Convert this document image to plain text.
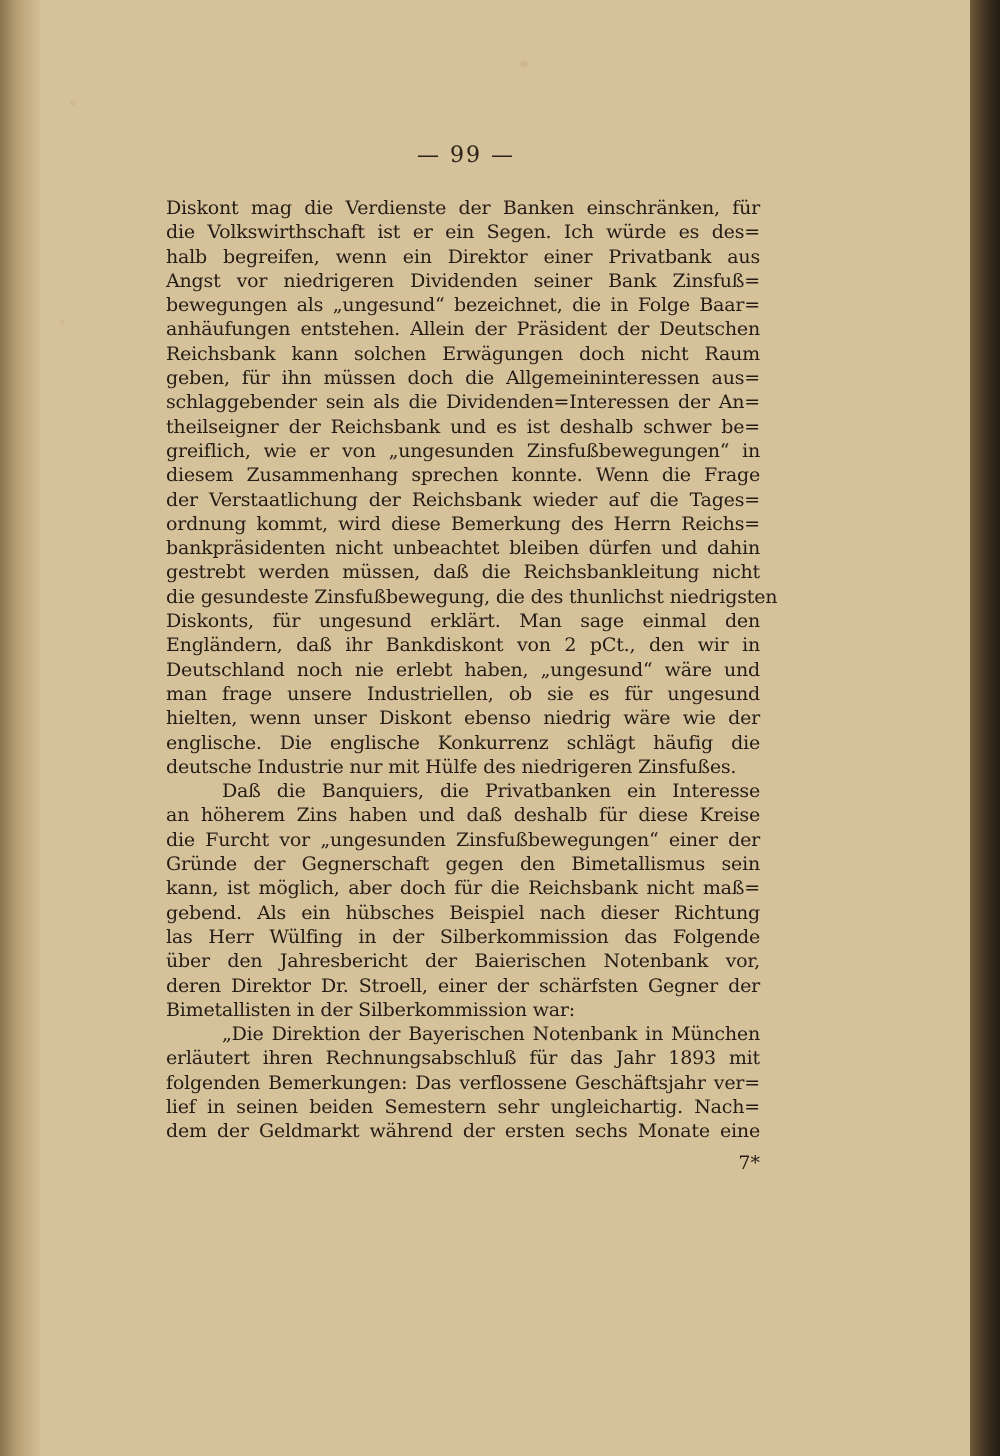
— 99 —
Diskont mag die Verdienste der Banken einschränken, für
die Volkswirthschaft ist er ein Segen. Ich würde es des=
halb begreifen, wenn ein Direktor einer Privatbank aus
Angst vor niedrigeren Dividenden seiner Bank Zinsfuß=
bewegungen als „ungesund“ bezeichnet, die in Folge Baar=
anhäufungen entstehen. Allein der Präsident der Deutschen
Reichsbank kann solchen Erwägungen doch nicht Raum
geben, für ihn müssen doch die Allgemeininteressen aus=
schlaggebender sein als die Dividenden=Interessen der An=
theilseigner der Reichsbank und es ist deshalb schwer be=
greiflich, wie er von „ungesunden Zinsfußbewegungen“ in
diesem Zusammenhang sprechen konnte. Wenn die Frage
der Verstaatlichung der Reichsbank wieder auf die Tages=
ordnung kommt, wird diese Bemerkung des Herrn Reichs=
bankpräsidenten nicht unbeachtet bleiben dürfen und dahin
gestrebt werden müssen, daß die Reichsbankleitung nicht
die gesundeste Zinsfußbewegung, die des thunlichst niedrigsten
Diskonts, für ungesund erklärt. Man sage einmal den
Engländern, daß ihr Bankdiskont von 2 pCt., den wir in
Deutschland noch nie erlebt haben, „ungesund“ wäre und
man frage unsere Industriellen, ob sie es für ungesund
hielten, wenn unser Diskont ebenso niedrig wäre wie der
englische. Die englische Konkurrenz schlägt häufig die
deutsche Industrie nur mit Hülfe des niedrigeren Zinsfußes.
Daß die Banquiers, die Privatbanken ein Interesse
an höherem Zins haben und daß deshalb für diese Kreise
die Furcht vor „ungesunden Zinsfußbewegungen“ einer der
Gründe der Gegnerschaft gegen den Bimetallismus sein
kann, ist möglich, aber doch für die Reichsbank nicht maß=
gebend. Als ein hübsches Beispiel nach dieser Richtung
las Herr Wülfing in der Silberkommission das Folgende
über den Jahresbericht der Baierischen Notenbank vor,
deren Direktor Dr. Stroell, einer der schärfsten Gegner der
Bimetallisten in der Silberkommission war:
„Die Direktion der Bayerischen Notenbank in München
erläutert ihren Rechnungsabschluß für das Jahr 1893 mit
folgenden Bemerkungen: Das verflossene Geschäftsjahr ver=
lief in seinen beiden Semestern sehr ungleichartig. Nach=
dem der Geldmarkt während der ersten sechs Monate eine
7*
